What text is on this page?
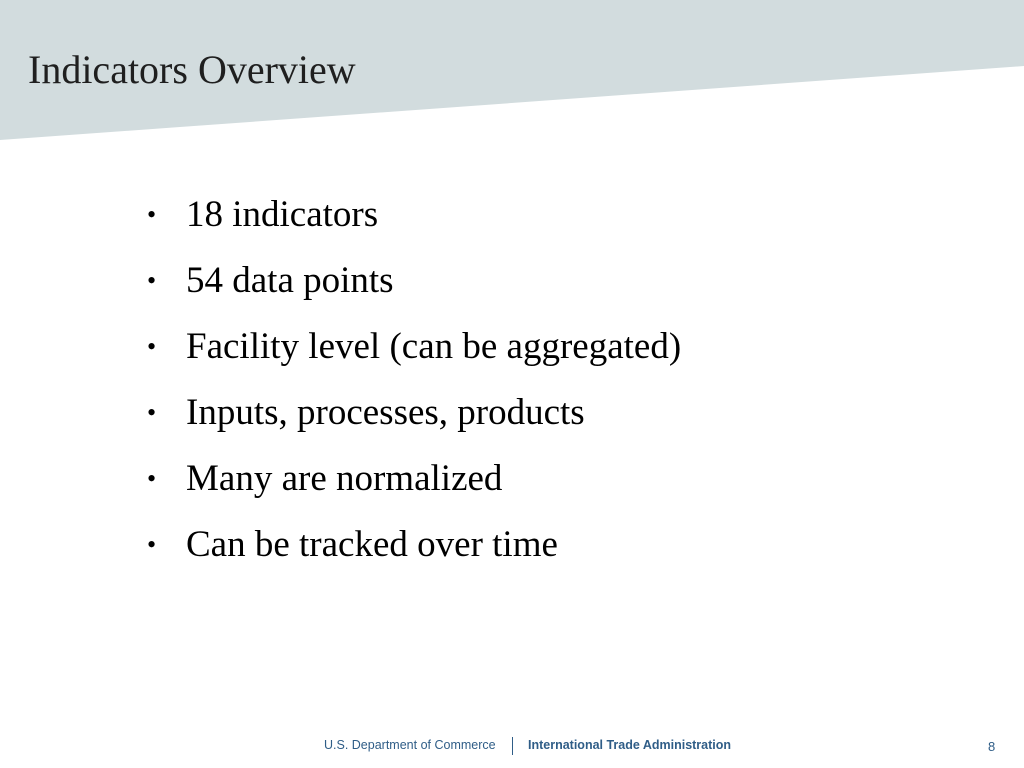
Indicators Overview
• 18 indicators
• 54 data points
• Facility level (can be aggregated)
• Inputs, processes, products
• Many are normalized
• Can be tracked over time
U.S. Department of Commerce	International Trade Administration	8
